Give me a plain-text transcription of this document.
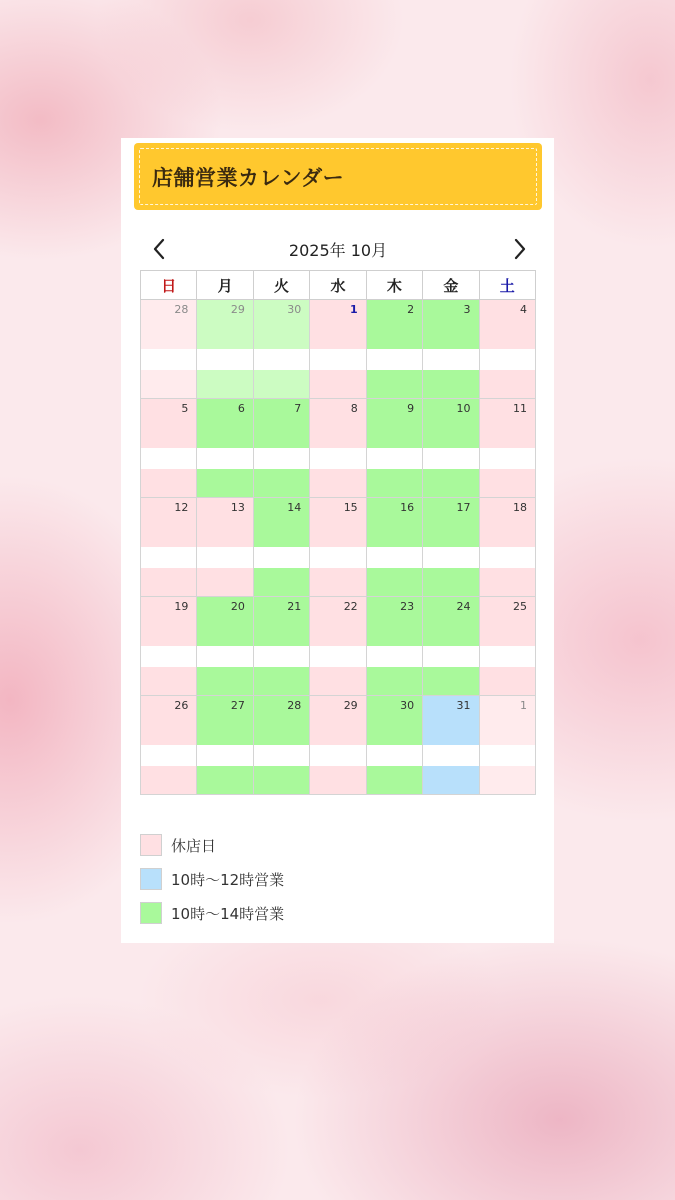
店舗営業カレンダー
2025年 10月
日	月	火	水	木	金	土

28	29	30	1	2	3	4

5	6	7	8	9	10	11

12	13	14	15	16	17	18

19	20	21	22	23	24	25

26	27	28	29	30	31	1
休店日
10時〜12時営業
10時〜14時営業
